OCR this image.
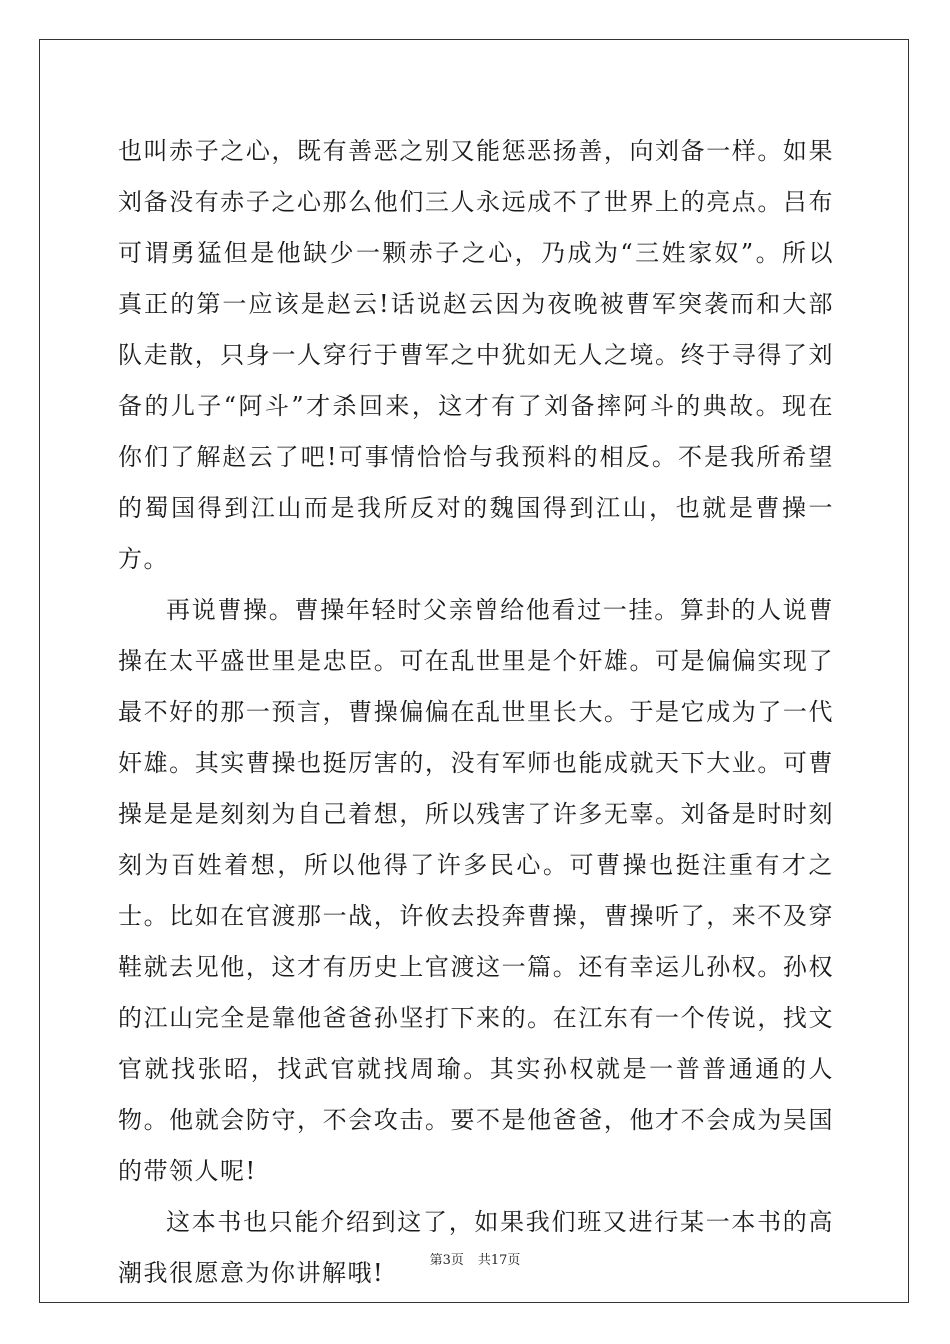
也叫赤子之心，既有善恶之别又能惩恶扬善，向刘备一样。如果刘备没有赤子之心那么他们三人永远成不了世界上的亮点。吕布可谓勇猛但是他缺少一颗赤子之心，乃成为“三姓家奴”。所以真正的第一应该是赵云!话说赵云因为夜晚被曹军突袭而和大部队走散，只身一人穿行于曹军之中犹如无人之境。终于寻得了刘备的儿子“阿斗”才杀回来，这才有了刘备摔阿斗的典故。现在你们了解赵云了吧!可事情恰恰与我预料的相反。不是我所希望的蜀国得到江山而是我所反对的魏国得到江山，也就是曹操一方。

再说曹操。曹操年轻时父亲曾给他看过一挂。算卦的人说曹操在太平盛世里是忠臣。可在乱世里是个奸雄。可是偏偏实现了最不好的那一预言，曹操偏偏在乱世里长大。于是它成为了一代奸雄。其实曹操也挺厉害的，没有军师也能成就天下大业。可曹操是是是刻刻为自己着想，所以残害了许多无辜。刘备是时时刻刻为百姓着想，所以他得了许多民心。可曹操也挺注重有才之士。比如在官渡那一战，许攸去投奔曹操，曹操听了，来不及穿鞋就去见他，这才有历史上官渡这一篇。还有幸运儿孙权。孙权的江山完全是靠他爸爸孙坚打下来的。在江东有一个传说，找文官就找张昭，找武官就找周瑜。其实孙权就是一普普通通的人物。他就会防守，不会攻击。要不是他爸爸，他才不会成为吴国的带领人呢!

这本书也只能介绍到这了，如果我们班又进行某一本书的高潮我很愿意为你讲解哦!	第3页 共17页
